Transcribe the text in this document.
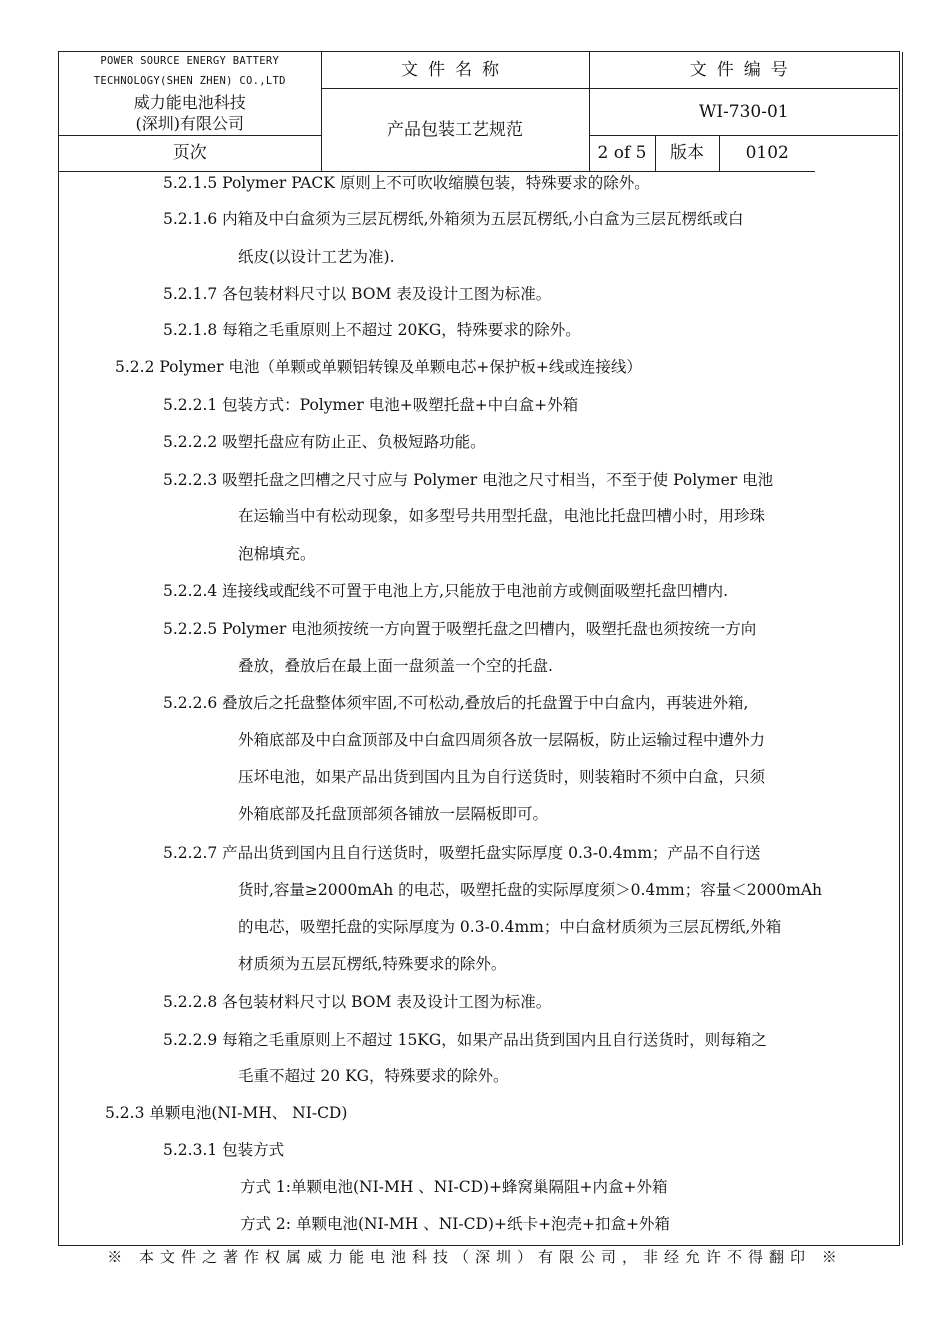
POWER SOURCE ENERGY BATTERY
TECHNOLOGY(SHEN ZHEN) CO.,LTD
威力能电池科技
(深圳)有限公司	文件名称	文件编号		
	产品包装工艺规范	WI-730-01		
页次		2 of 5	版本	0102
5.2.1.5 Polymer PACK 原则上不可吹收缩膜包装，特殊要求的除外。
5.2.1.6 内箱及中白盒须为三层瓦楞纸,外箱须为五层瓦楞纸,小白盒为三层瓦楞纸或白
纸皮(以设计工艺为准).
5.2.1.7 各包装材料尺寸以 BOM 表及设计工图为标准。
5.2.1.8 每箱之毛重原则上不超过 20KG，特殊要求的除外。
5.2.2 Polymer 电池（单颗或单颗铝转镍及单颗电芯+保护板+线或连接线）
5.2.2.1 包装方式：Polymer 电池+吸塑托盘+中白盒+外箱
5.2.2.2 吸塑托盘应有防止正、负极短路功能。
5.2.2.3 吸塑托盘之凹槽之尺寸应与 Polymer 电池之尺寸相当，不至于使 Polymer 电池
在运输当中有松动现象，如多型号共用型托盘，电池比托盘凹槽小时，用珍珠
泡棉填充。
5.2.2.4 连接线或配线不可置于电池上方,只能放于电池前方或侧面吸塑托盘凹槽内.
5.2.2.5 Polymer 电池须按统一方向置于吸塑托盘之凹槽内，吸塑托盘也须按统一方向
叠放，叠放后在最上面一盘须盖一个空的托盘.
5.2.2.6 叠放后之托盘整体须牢固,不可松动,叠放后的托盘置于中白盒内，再装进外箱,
外箱底部及中白盒顶部及中白盒四周须各放一层隔板，防止运输过程中遭外力
压坏电池，如果产品出货到国内且为自行送货时，则装箱时不须中白盒，只须
外箱底部及托盘顶部须各铺放一层隔板即可。
5.2.2.7 产品出货到国内且自行送货时，吸塑托盘实际厚度 0.3-0.4mm；产品不自行送
货时,容量≥2000mAh 的电芯，吸塑托盘的实际厚度须＞0.4mm；容量＜2000mAh
的电芯，吸塑托盘的实际厚度为 0.3-0.4mm；中白盒材质须为三层瓦楞纸,外箱
材质须为五层瓦楞纸,特殊要求的除外。
5.2.2.8 各包装材料尺寸以 BOM 表及设计工图为标准。
5.2.2.9 每箱之毛重原则上不超过 15KG，如果产品出货到国内且自行送货时，则每箱之
毛重不超过 20 KG，特殊要求的除外。
5.2.3 单颗电池(NI-MH、 NI-CD)
5.2.3.1 包装方式
方式 1:单颗电池(NI-MH 、NI-CD)+蜂窝巢隔阻+内盒+外箱
方式 2: 单颗电池(NI-MH 、NI-CD)+纸卡+泡壳+扣盒+外箱
※ 本文件之著作权属威力能电池科技（深圳）有限公司，非经允许不得翻印 ※
